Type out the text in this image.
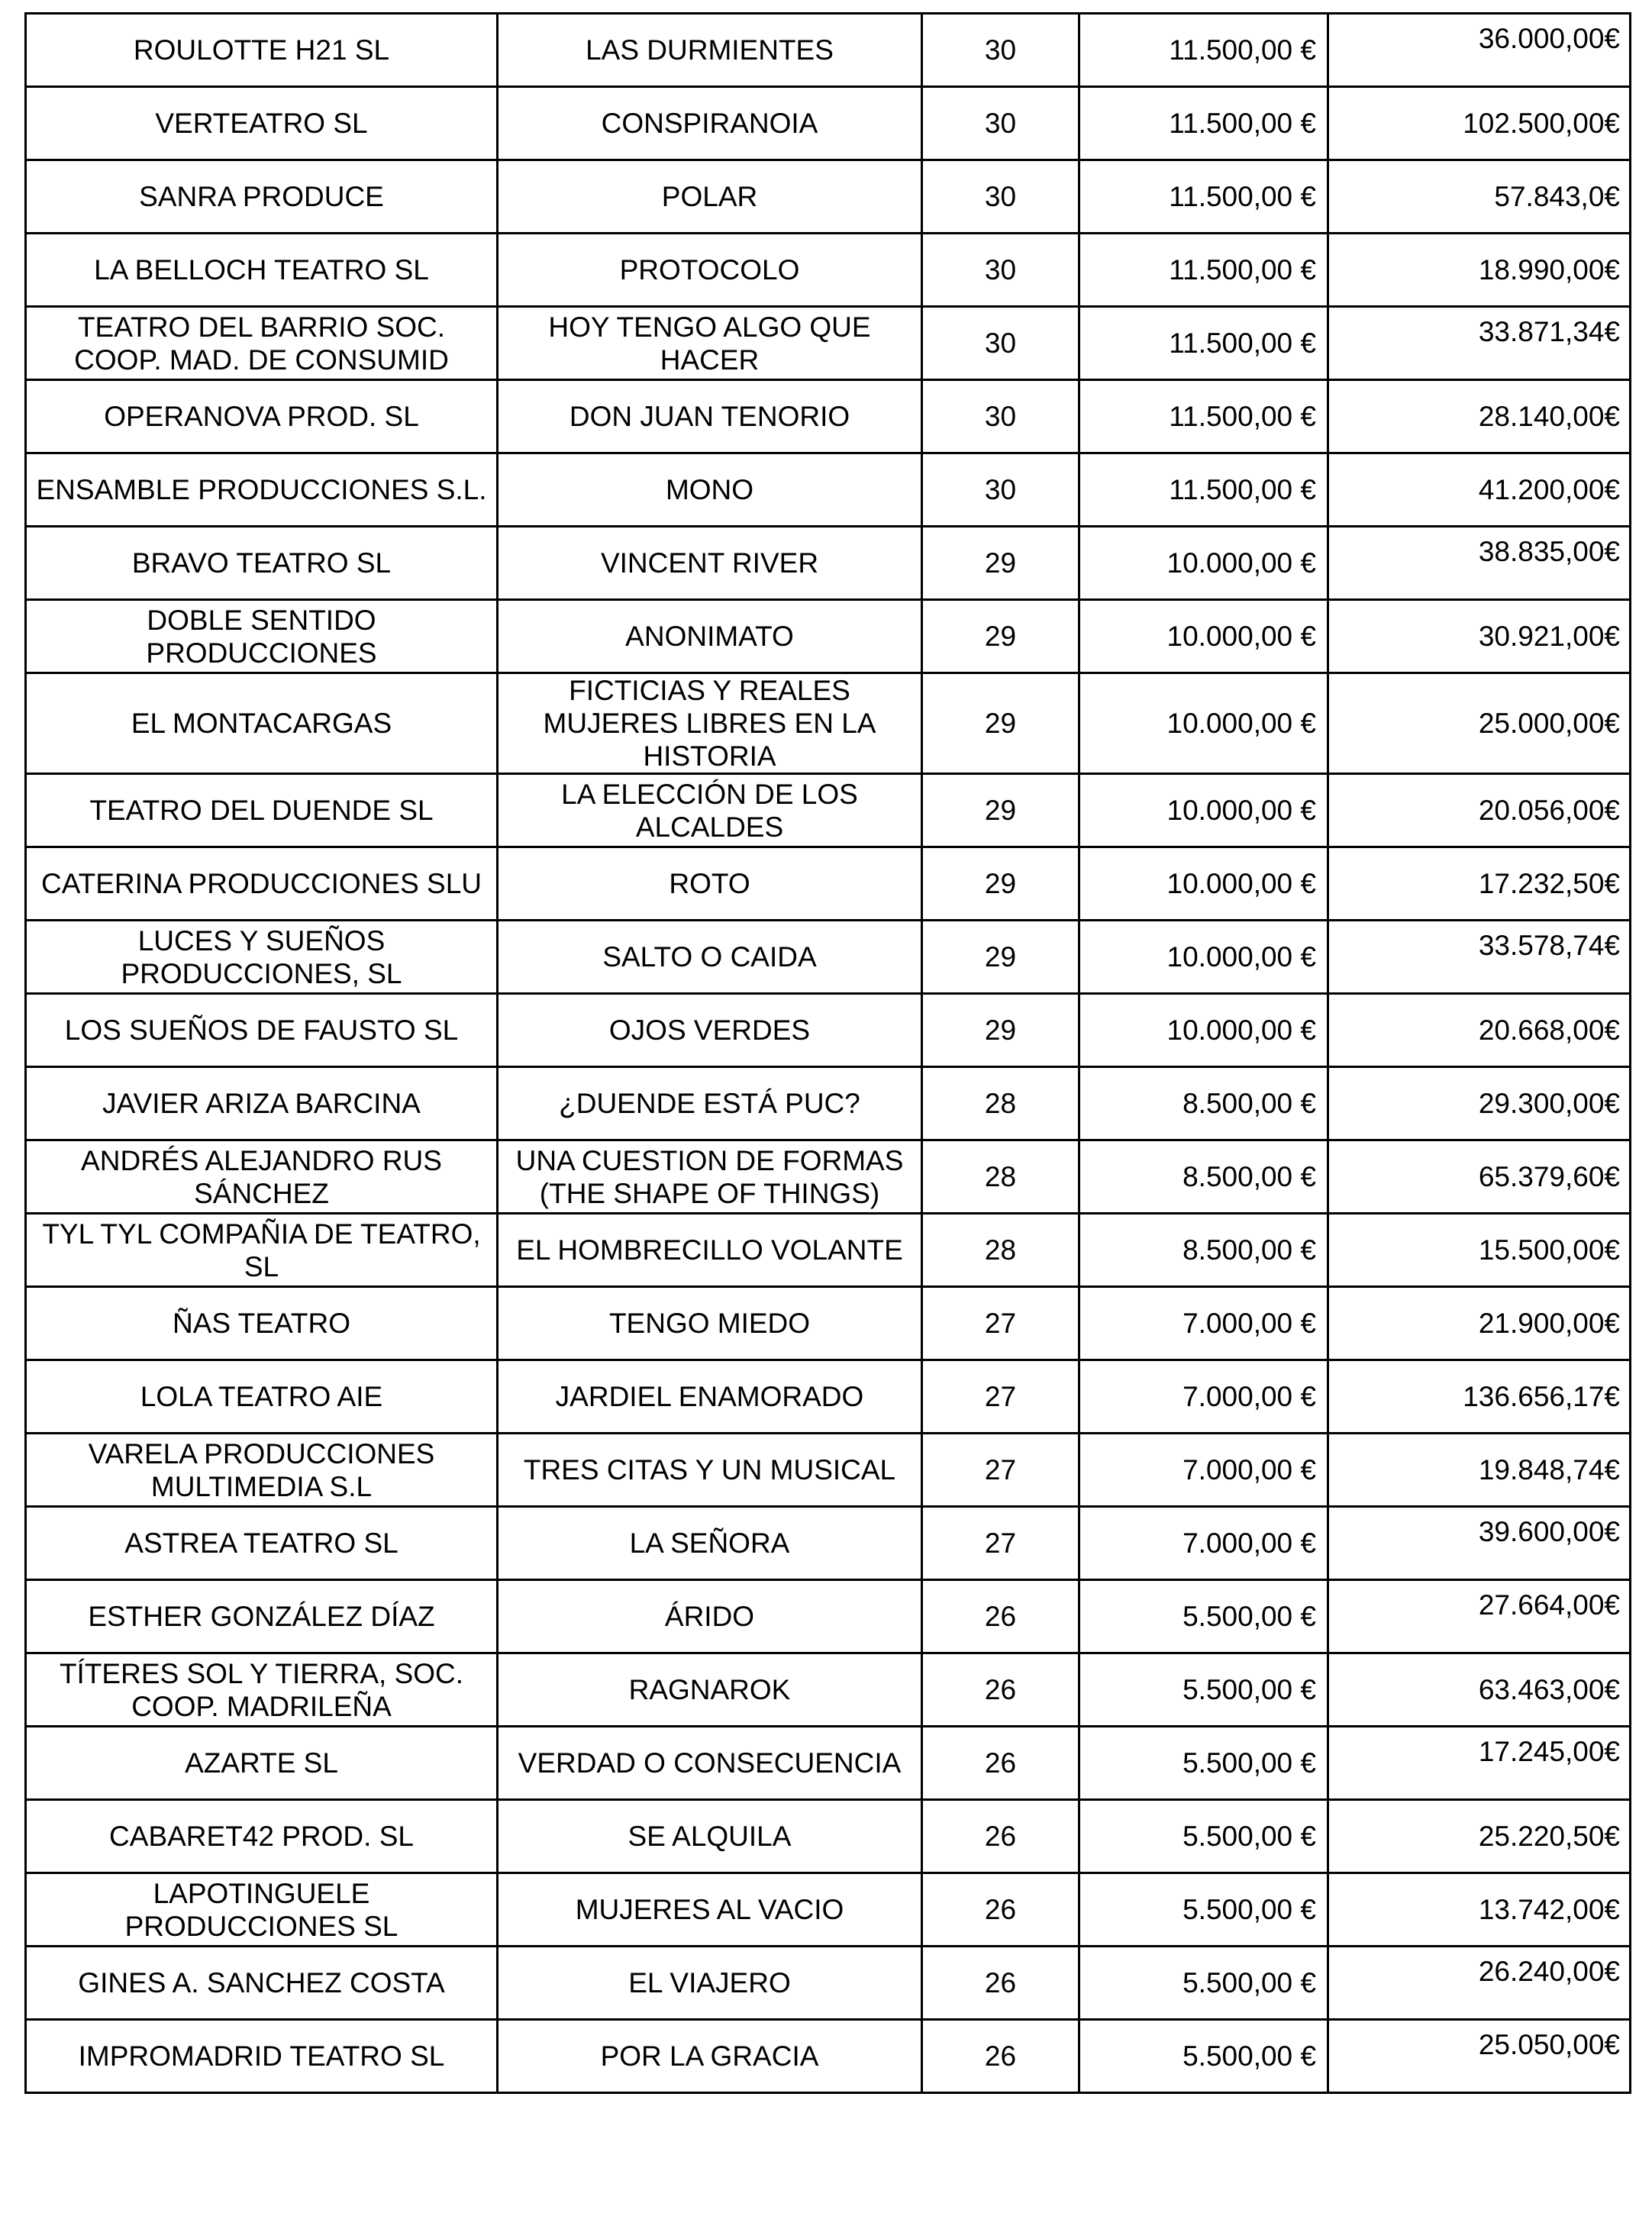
ROULOTTE H21 SL	LAS DURMIENTES	30	11.500,00 €	36.000,00€
VERTEATRO SL	CONSPIRANOIA	30	11.500,00 €	102.500,00€
SANRA PRODUCE	POLAR	30	11.500,00 €	57.843,0€
LA BELLOCH TEATRO SL	PROTOCOLO	30	11.500,00 €	18.990,00€
TEATRO DEL BARRIO SOC. COOP. MAD. DE CONSUMID	HOY TENGO ALGO QUE HACER	30	11.500,00 €	33.871,34€
OPERANOVA PROD. SL	DON JUAN TENORIO	30	11.500,00 €	28.140,00€
ENSAMBLE PRODUCCIONES S.L.	MONO	30	11.500,00 €	41.200,00€
BRAVO TEATRO SL	VINCENT RIVER	29	10.000,00 €	38.835,00€
DOBLE SENTIDO PRODUCCIONES	ANONIMATO	29	10.000,00 €	30.921,00€
EL MONTACARGAS	FICTICIAS Y REALES MUJERES LIBRES EN LA HISTORIA	29	10.000,00 €	25.000,00€
TEATRO DEL DUENDE SL	LA ELECCIÓN DE LOS ALCALDES	29	10.000,00 €	20.056,00€
CATERINA PRODUCCIONES SLU	ROTO	29	10.000,00 €	17.232,50€
LUCES Y SUEÑOS PRODUCCIONES, SL	SALTO O CAIDA	29	10.000,00 €	33.578,74€
LOS SUEÑOS DE FAUSTO SL	OJOS VERDES	29	10.000,00 €	20.668,00€
JAVIER ARIZA BARCINA	¿DUENDE ESTÁ PUC?	28	8.500,00 €	29.300,00€
ANDRÉS ALEJANDRO RUS SÁNCHEZ	UNA CUESTION DE FORMAS (THE SHAPE OF THINGS)	28	8.500,00 €	65.379,60€
TYL TYL COMPAÑIA DE TEATRO, SL	EL HOMBRECILLO VOLANTE	28	8.500,00 €	15.500,00€
ÑAS TEATRO	TENGO MIEDO	27	7.000,00 €	21.900,00€
LOLA TEATRO AIE	JARDIEL ENAMORADO	27	7.000,00 €	136.656,17€
VARELA PRODUCCIONES MULTIMEDIA S.L	TRES CITAS Y UN MUSICAL	27	7.000,00 €	19.848,74€
ASTREA TEATRO SL	LA SEÑORA	27	7.000,00 €	39.600,00€
ESTHER GONZÁLEZ DÍAZ	ÁRIDO	26	5.500,00 €	27.664,00€
TÍTERES SOL Y TIERRA, SOC. COOP. MADRILEÑA	RAGNAROK	26	5.500,00 €	63.463,00€
AZARTE SL	VERDAD O CONSECUENCIA	26	5.500,00 €	17.245,00€
CABARET42 PROD. SL	SE ALQUILA	26	5.500,00 €	25.220,50€
LAPOTINGUELE PRODUCCIONES SL	MUJERES AL VACIO	26	5.500,00 €	13.742,00€
GINES A. SANCHEZ COSTA	EL VIAJERO	26	5.500,00 €	26.240,00€
IMPROMADRID TEATRO SL	POR LA GRACIA	26	5.500,00 €	25.050,00€
